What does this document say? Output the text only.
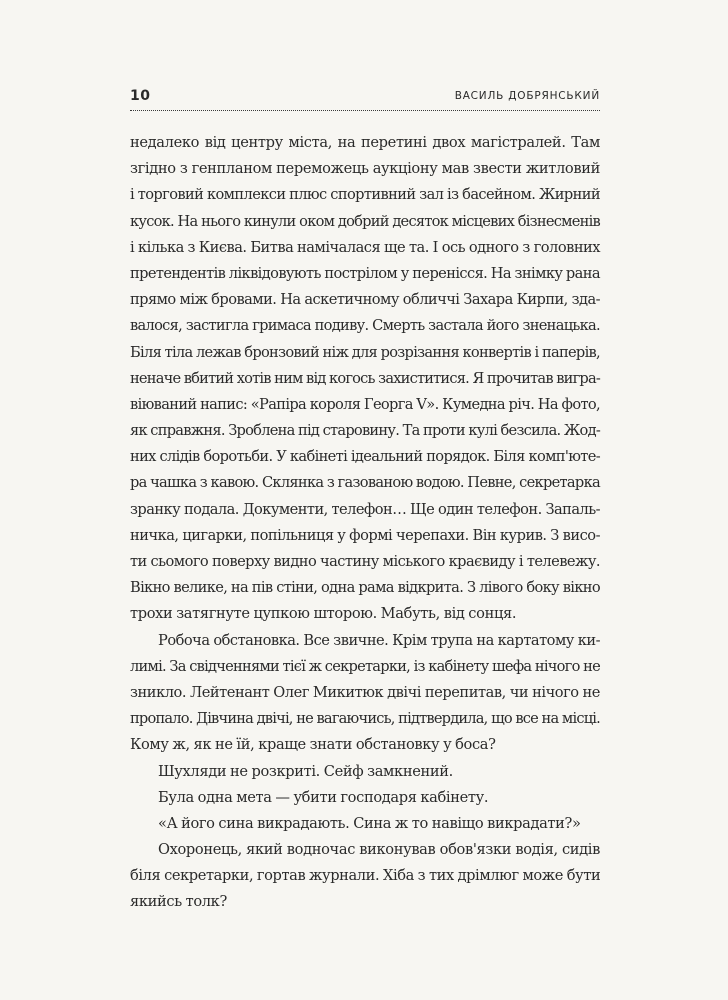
10	ВАСИЛЬ ДОБРЯНСЬКИЙ
недалеко від центру міста, на перетині двох магістралей. Там
згідно з генпланом переможець аукціону мав звести житловий
і торговий комплекси плюс спортивний зал із басейном. Жирний
кусок. На нього кинули оком добрий десяток місцевих бізнесменів
і кілька з Києва. Битва намічалася ще та. І ось одного з головних
претендентів ліквідовують пострілом у перенісся. На знімку рана
прямо між бровами. На аскетичному обличчі Захара Кирпи, зда-
валося, застигла гримаса подиву. Смерть застала його зненацька.
Біля тіла лежав бронзовий ніж для розрізання конвертів і паперів,
неначе вбитий хотів ним від когось захиститися. Я прочитав вигра-
віюваний напис: «Рапіра короля Георга V». Кумедна річ. На фото,
як справжня. Зроблена під старовину. Та проти кулі безсила. Жод-
них слідів боротьби. У кабінеті ідеальний порядок. Біля комп'юте-
ра чашка з кавою. Склянка з газованою водою. Певне, секретарка
зранку подала. Документи, телефон… Ще один телефон. Запаль-
ничка, цигарки, попільниця у формі черепахи. Він курив. З висо-
ти сьомого поверху видно частину міського краєвиду і телевежу.
Вікно велике, на пів стіни, одна рама відкрита. З лівого боку вікно
трохи затягнуте цупкою шторою. Мабуть, від сонця.
Робоча обстановка. Все звичне. Крім трупа на картатому ки-
лимі. За свідченнями тієї ж секретарки, із кабінету шефа нічого не
зникло. Лейтенант Олег Микитюк двічі перепитав, чи нічого не
пропало. Дівчина двічі, не вагаючись, підтвердила, що все на місці.
Кому ж, як не їй, краще знати обстановку у боса?
Шухляди не розкриті. Сейф замкнений.
Була одна мета — убити господаря кабінету.
«А його сина викрадають. Сина ж то навіщо викрадати?»
Охоронець, який водночас виконував обов'язки водія, сидів
біля секретарки, гортав журнали. Хіба з тих дрімлюг може бути
якийсь толк?
